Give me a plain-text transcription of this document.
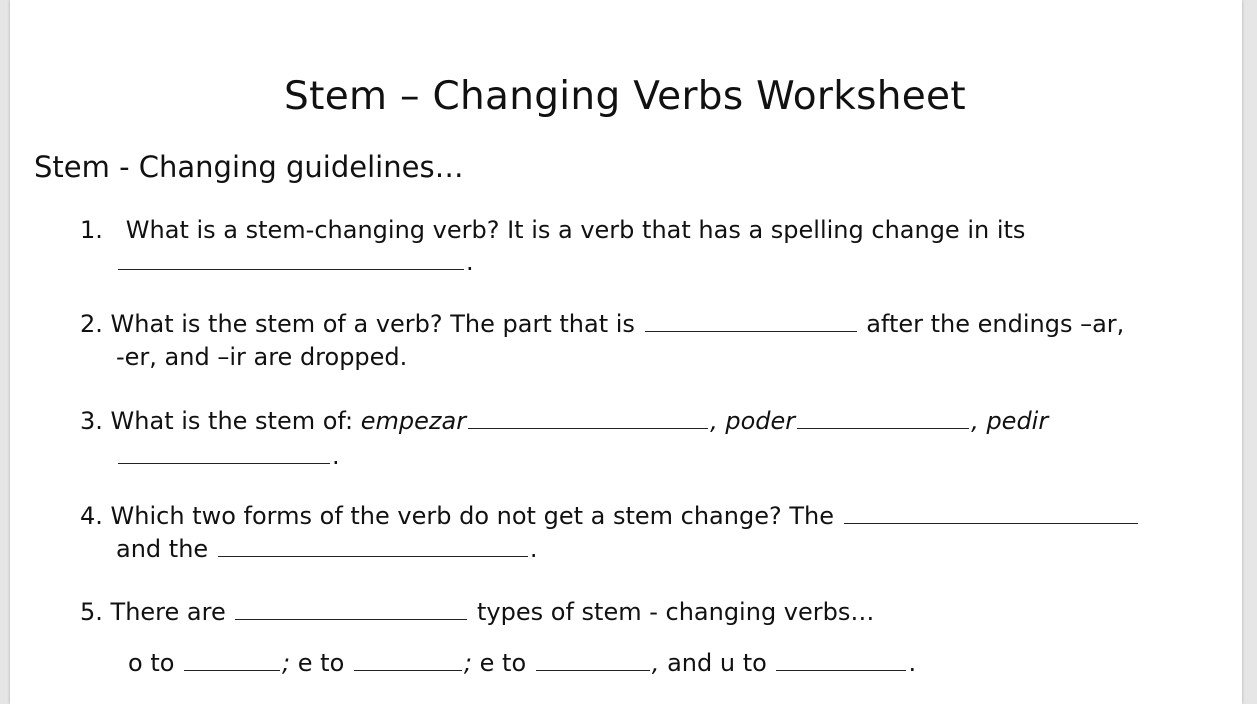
Stem – Changing Verbs Worksheet
Stem - Changing guidelines…
1. What is a stem-changing verb? It is a verb that has a spelling change in its
.
2. What is the stem of a verb? The part that is	after the endings –ar,
-er, and –ir are dropped.
3. What is the stem of: empezar	, poder	, pedir
.
4. Which two forms of the verb do not get a stem change? The
and the	.
5. There are	types of stem - changing verbs…
o to	; e to	; e to	, and u to	.
